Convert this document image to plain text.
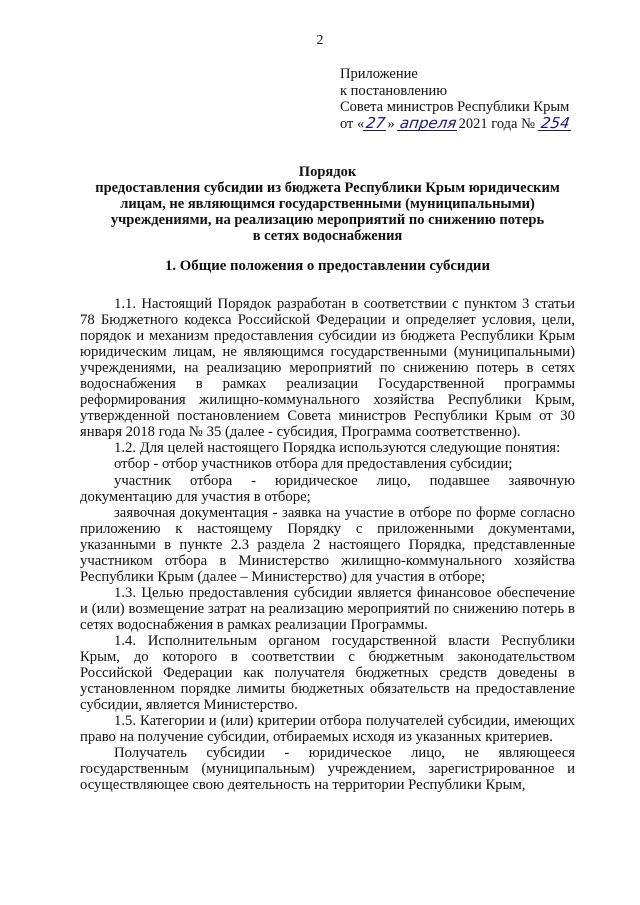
2
Приложение
к постановлению
Совета министров Республики Крым
от «27» апреля2021 года № 254
Порядок
предоставления субсидии из бюджета Республики Крым юридическим
лицам, не являющимся государственными (муниципальными)
учреждениями, на реализацию мероприятий по снижению потерь
в сетях водоснабжения
1. Общие положения о предоставлении субсидии

1.1. Настоящий Порядок разработан в соответствии с пунктом 3 статьи 78 Бюджетного кодекса Российской Федерации и определяет условия, цели, порядок и механизм предоставления субсидии из бюджета Республики Крым юридическим лицам, не являющимся государственными (муниципальными) учреждениями, на реализацию мероприятий по снижению потерь в сетях водоснабжения в рамках реализации Государственной программы реформирования жилищно-коммунального хозяйства Республики Крым, утвержденной постановлением Совета министров Республики Крым от 30 января 2018 года № 35 (далее - субсидия, Программа соответственно).

1.2. Для целей настоящего Порядка используются следующие понятия:

отбор - отбор участников отбора для предоставления субсидии;

участник отбора - юридическое лицо, подавшее заявочную документацию для участия в отборе;

заявочная документация - заявка на участие в отборе по форме согласно приложению к настоящему Порядку с приложенными документами, указанными в пункте 2.3 раздела 2 настоящего Порядка, представленные участником отбора в Министерство жилищно-коммунального хозяйства Республики Крым (далее – Министерство) для участия в отборе;

1.3. Целью предоставления субсидии является финансовое обеспечение и (или) возмещение затрат на реализацию мероприятий по снижению потерь в сетях водоснабжения в рамках реализации Программы.

1.4. Исполнительным органом государственной власти Республики Крым, до которого в соответствии с бюджетным законодательством Российской Федерации как получателя бюджетных средств доведены в установленном порядке лимиты бюджетных обязательств на предоставление субсидии, является Министерство.

1.5. Категории и (или) критерии отбора получателей субсидии, имеющих право на получение субсидии, отбираемых исходя из указанных критериев.

Получатель субсидии - юридическое лицо, не являющееся государственным (муниципальным) учреждением, зарегистрированное и осуществляющее свою деятельность на территории Республики Крым,
